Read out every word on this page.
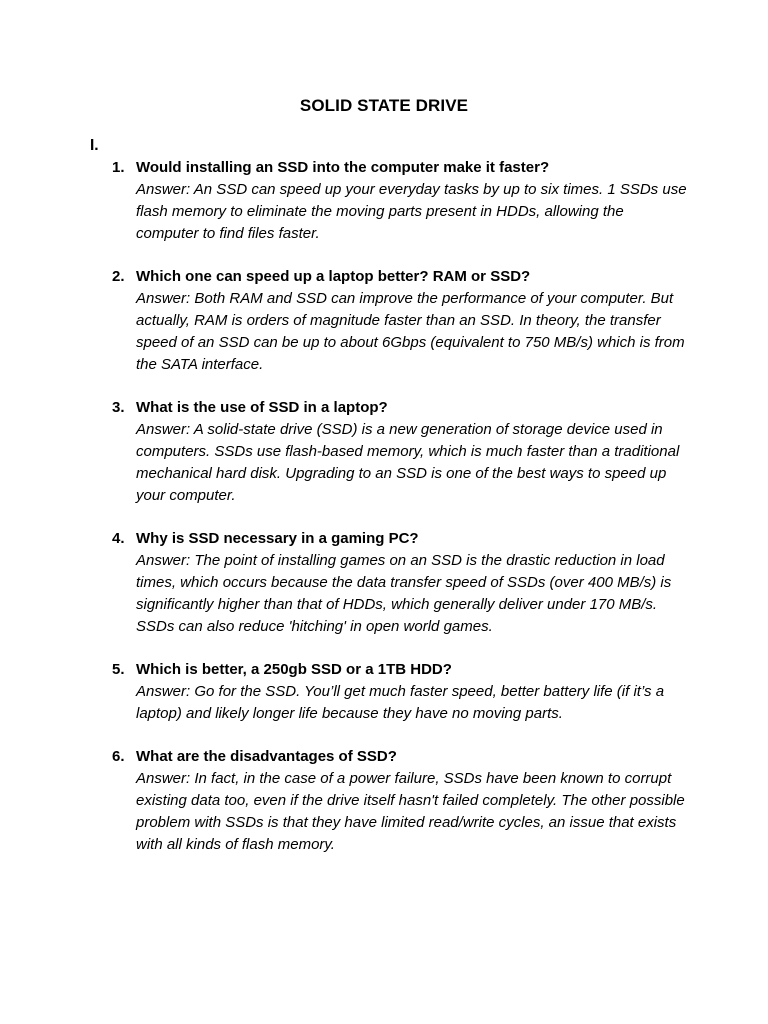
SOLID STATE DRIVE
I.
1. Would installing an SSD into the computer make it faster?
Answer: An SSD can speed up your everyday tasks by up to six times. 1 SSDs use flash memory to eliminate the moving parts present in HDDs, allowing the computer to find files faster.
2. Which one can speed up a laptop better? RAM or SSD?
Answer: Both RAM and SSD can improve the performance of your computer. But actually, RAM is orders of magnitude faster than an SSD. In theory, the transfer speed of an SSD can be up to about 6Gbps (equivalent to 750 MB/s) which is from the SATA interface.
3. What is the use of SSD in a laptop?
Answer: A solid-state drive (SSD) is a new generation of storage device used in computers. SSDs use flash-based memory, which is much faster than a traditional mechanical hard disk. Upgrading to an SSD is one of the best ways to speed up your computer.
4. Why is SSD necessary in a gaming PC?
Answer: The point of installing games on an SSD is the drastic reduction in load times, which occurs because the data transfer speed of SSDs (over 400 MB/s) is significantly higher than that of HDDs, which generally deliver under 170 MB/s. SSDs can also reduce 'hitching' in open world games.
5. Which is better, a 250gb SSD or a 1TB HDD?
Answer: Go for the SSD. You’ll get much faster speed, better battery life (if it’s a laptop) and likely longer life because they have no moving parts.
6. What are the disadvantages of SSD?
Answer: In fact, in the case of a power failure, SSDs have been known to corrupt existing data too, even if the drive itself hasn't failed completely. The other possible problem with SSDs is that they have limited read/write cycles, an issue that exists with all kinds of flash memory.
